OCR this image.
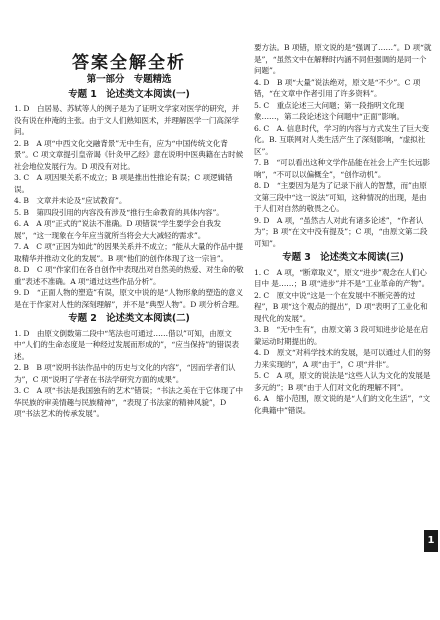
答案全解全析
第一部分　专题精选
专题 1　论述类文本阅读(一)
1. D　白居易、苏轼等人的例子是为了证明文学家对医学的研究，并没有说在仲淹的主张。由于文人们熟知医术，并理解医学一门高深学问。
2. B　A 项“中西文化交融背景”无中生有，应为“中国传统文化背景”。C 项文章提引皇帝谒《针灸甲乙经》意在说明中医典籍在古时候社会地位发展行为。D 项没有对比。
3. C　A 项因果关系不成立；B 项是推出性推论有误；C 项逻辑错误。
4. B　文章并未论及“应试教育”。
5. B　第四段引用的内容没有涉及“推行生命教育的具体内容”。
6. A　A 项“正式的”说法不准确。D 项错误“学生要学会自我发展”，“这一现象在今年应当就所当将会大大减轻的需求”。
7. A　C 项“正因为如此”的因果关系并不成立；“能从大量的作品中提取精华并推动文化的发展”。B 项“他们的创作体现了这一宗旨”。
8. D　C 项“作家们在各自创作中表现出对自然美的热爱、对生命的敬重”表述不准确。A 项“通过这些作品分析”。
9. D　“正面人物的塑造”有误，原文中说的是“人物形象的塑造的意义是在于作家对人性的深刻理解”，并不是“典型人物”。D 项分析合理。
专题 2　论述类文本阅读(二)
1. D　由原文倒数第二段中“笔法也可通过……借以”可知，由原文中“人们的生命态度是一种经过发展而形成的”，“应当保持”的错误表述。
2. B　B 项“说明书法作品中的历史与文化的内容”，“因而学者们认为”，C 项“说明了学者在书法学研究方面的成果”。
3. C　A 项“书法是我国独有的艺术”错误；“书法之美在于它体现了中华民族的审美情趣与民族精神”，“表现了书法家的精神风貌”，D 项“书法艺术的传承发展”。
要方法。B 项错，原文说的是“强调了……”。D 项“就是”，“虽然文中在解释时内涵不同但强调的是同一个问题”。
4. D　B 项“大量”说法绝对，原文是“不少”。C 项错，“在文章中作者引用了许多资料”。
5. C　重点论述三大问题；第一段指明文化现象……，第二段论述这个问题中“正面”影响。
6. C　A. 信息时代，学习的内容与方式发生了巨大变化。B. 互联网对人类生活产生了深刻影响，“虚拟社区”。
7. B　“可以看出这种文学作品能在社会上产生长远影响”，“不可以以偏概全”，“创作动机”。
8. D　“主要因为是为了记录下前人的智慧，而”由原文第三段中“这一说法”可知，这种情况的出现，是由于人们对自然的敬畏之心。
9. D　A 项，“虽然古人对此有诸多论述”，“作者认为”；B 项“在文中没有提及”；C 项，“由原文第二段可知”。
专题 3　论述类文本阅读(三)
1. C　A 项，“断章取义”，原文“进步”观念在人们心目中 是……；B 项“进步”并不是“工业革命的产物”。
2. C　原文中说“这是一个在发展中不断完善的过程”，B 项“这个观点的提出”，D 项“表明了工业化和现代化的发展”。
3. B　“无中生有”，由原文第 3 段可知进步论是在启蒙运动时期提出的。
4. D　原文“对科学技术的发展，是可以通过人们的努力来实现的”，A 项“由于”，C 项“并非”。
5. C　A 项，原文的说法是“这些人认为文化的发展是多元的”；B 项“由于人们对文化的理解不同”。
6. A　缩小范围，原文说的是“人们的文化生活”，“文化典籍中”错误。
1
